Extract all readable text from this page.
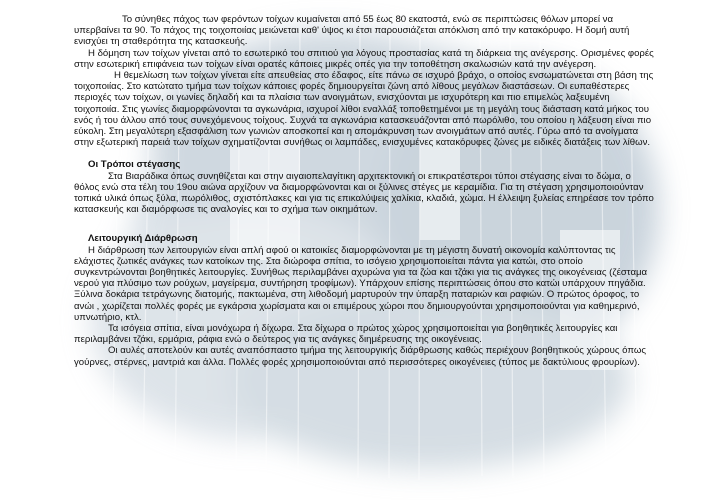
Το σύνηθες πάχος των φερόντων τοίχων κυμαίνεται από 55 έως 80 εκατοστά, ενώ σε περιπτώσεις θόλων μπορεί να υπερβαίνει τα 90. Το πάχος της τοιχοποιίας μειώνεται καθ' ύψος κι έτσι παρουσιάζεται απόκλιση από την κατακόρυφο. Η δομή αυτή ενισχύει τη σταθερότητα της κατασκευής.

Η δόμηση των τοίχων γίνεται από το εσωτερικό του σπιτιού για λόγους προστασίας κατά τη διάρκεια της ανέγερσης. Ορισμένες φορές στην εσωτερική επιφάνεια των τοίχων είναι ορατές κάποιες μικρές οπές για την τοποθέτηση σκαλωσιών κατά την ανέγερση.

Η θεμελίωση των τοίχων γίνεται είτε απευθείας στο έδαφος, είτε πάνω σε ισχυρό βράχο, ο οποίος ενσωματώνεται στη βάση της τοιχοποιίας. Στο κατώτατο τμήμα των τοίχων κάποιες φορές δημιουργείται ζώνη από λίθους μεγάλων διαστάσεων. Οι ευπαθέστερες περιοχές των τοίχων, οι γωνίες δηλαδή και τα πλαίσια των ανοιγμάτων, ενισχύονται με ισχυρότερη και πιο επιμελώς λαξευμένη τοιχοποιία. Στις γωνίες διαμορφώνονται τα αγκωνάρια, ισχυροί λίθοι εναλλάξ τοποθετημένοι με τη μεγάλη τους διάσταση κατά μήκος του ενός ή του άλλου από τους συνεχόμενους τοίχους. Συχνά τα αγκωνάρια κατασκευάζονται από πωρόλιθο, του οποίου η λάξευση είναι πιο εύκολη. Στη μεγαλύτερη εξασφάλιση των γωνιών αποσκοπεί και η απομάκρυνση των ανοιγμάτων από αυτές. Γύρω από τα ανοίγματα στην εξωτερική παρειά των τοίχων σχηματίζονται συνήθως οι λαμπάδες, ενισχυμένες κατακόρυφες ζώνες με ειδικές διατάξεις των λίθων.

Οι Τρόποι στέγασης

Στα Βιαράδικα όπως συνηθίζεται και στην αιγαιοπελαγίτικη αρχιτεκτονική οι επικρατέστεροι τύποι στέγασης είναι το δώμα, ο θόλος ενώ στα τέλη του 19ου αιώνα αρχίζουν να διαμορφώνονται και οι ξύλινες στέγες με κεραμίδια. Για τη στέγαση χρησιμοποιούνταν τοπικά υλικά όπως ξύλα, πωρόλιθος, σχιστόπλακες και για τις επικαλύψεις χαλίκια, κλαδιά, χώμα. Η έλλειψη ξυλείας επηρέασε τον τρόπο κατασκευής και διαμόρφωσε τις αναλογίες και το σχήμα των οικημάτων.

Λειτουργική Διάρθρωση

Η διάρθρωση των λειτουργιών είναι απλή αφού οι κατοικίες διαμορφώνονται με τη μέγιστη δυνατή οικονομία καλύπτοντας τις ελάχιστες ζωτικές ανάγκες των κατοίκων της. Στα διώροφα σπίτια, το ισόγειο χρησιμοποιείται πάντα για κατώι, στο οποίο συγκεντρώνονται βοηθητικές λειτουργίες. Συνήθως περιλαμβάνει αχυρώνα για τα ζώα και τζάκι για τις ανάγκες της οικογένειας (ζέσταμα νερού για πλύσιμο των ρούχων, μαγείρεμα, συντήρηση τροφίμων). Υπάρχουν επίσης περιπτώσεις όπου στο κατώι υπάρχουν πηγάδια. Ξύλινα δοκάρια τετράγωνης διατομής, πακτωμένα, στη λιθοδομή μαρτυρούν την ύπαρξη παταριών και ραφιών. Ο πρώτος όροφος, το ανώι , χωρίζεται πολλές φορές με εγκάρσια χωρίσματα και οι επιμέρους χώροι που δημιουργούνται χρησιμοποιούνται για καθημερινό, υπνωτήριο, κτλ.

Τα ισόγεια σπίτια, είναι μονόχωρα ή δίχωρα. Στα δίχωρα ο πρώτος χώρος χρησιμοποιείται για βοηθητικές λειτουργίες και περιλαμβάνει τζάκι, ερμάρια, ράφια ενώ ο δεύτερος για τις ανάγκες διημέρευσης της οικογένειας.

Οι αυλές αποτελούν και αυτές αναπόσπαστο τμήμα της λειτουργικής διάρθρωσης καθώς περιέχουν βοηθητικούς χώρους όπως γούρνες, στέρνες, μαντριά και άλλα. Πολλές φορές χρησιμοποιούνται από περισσότερες οικογένειες (τύπος με δακτύλιους φρουρίων).
